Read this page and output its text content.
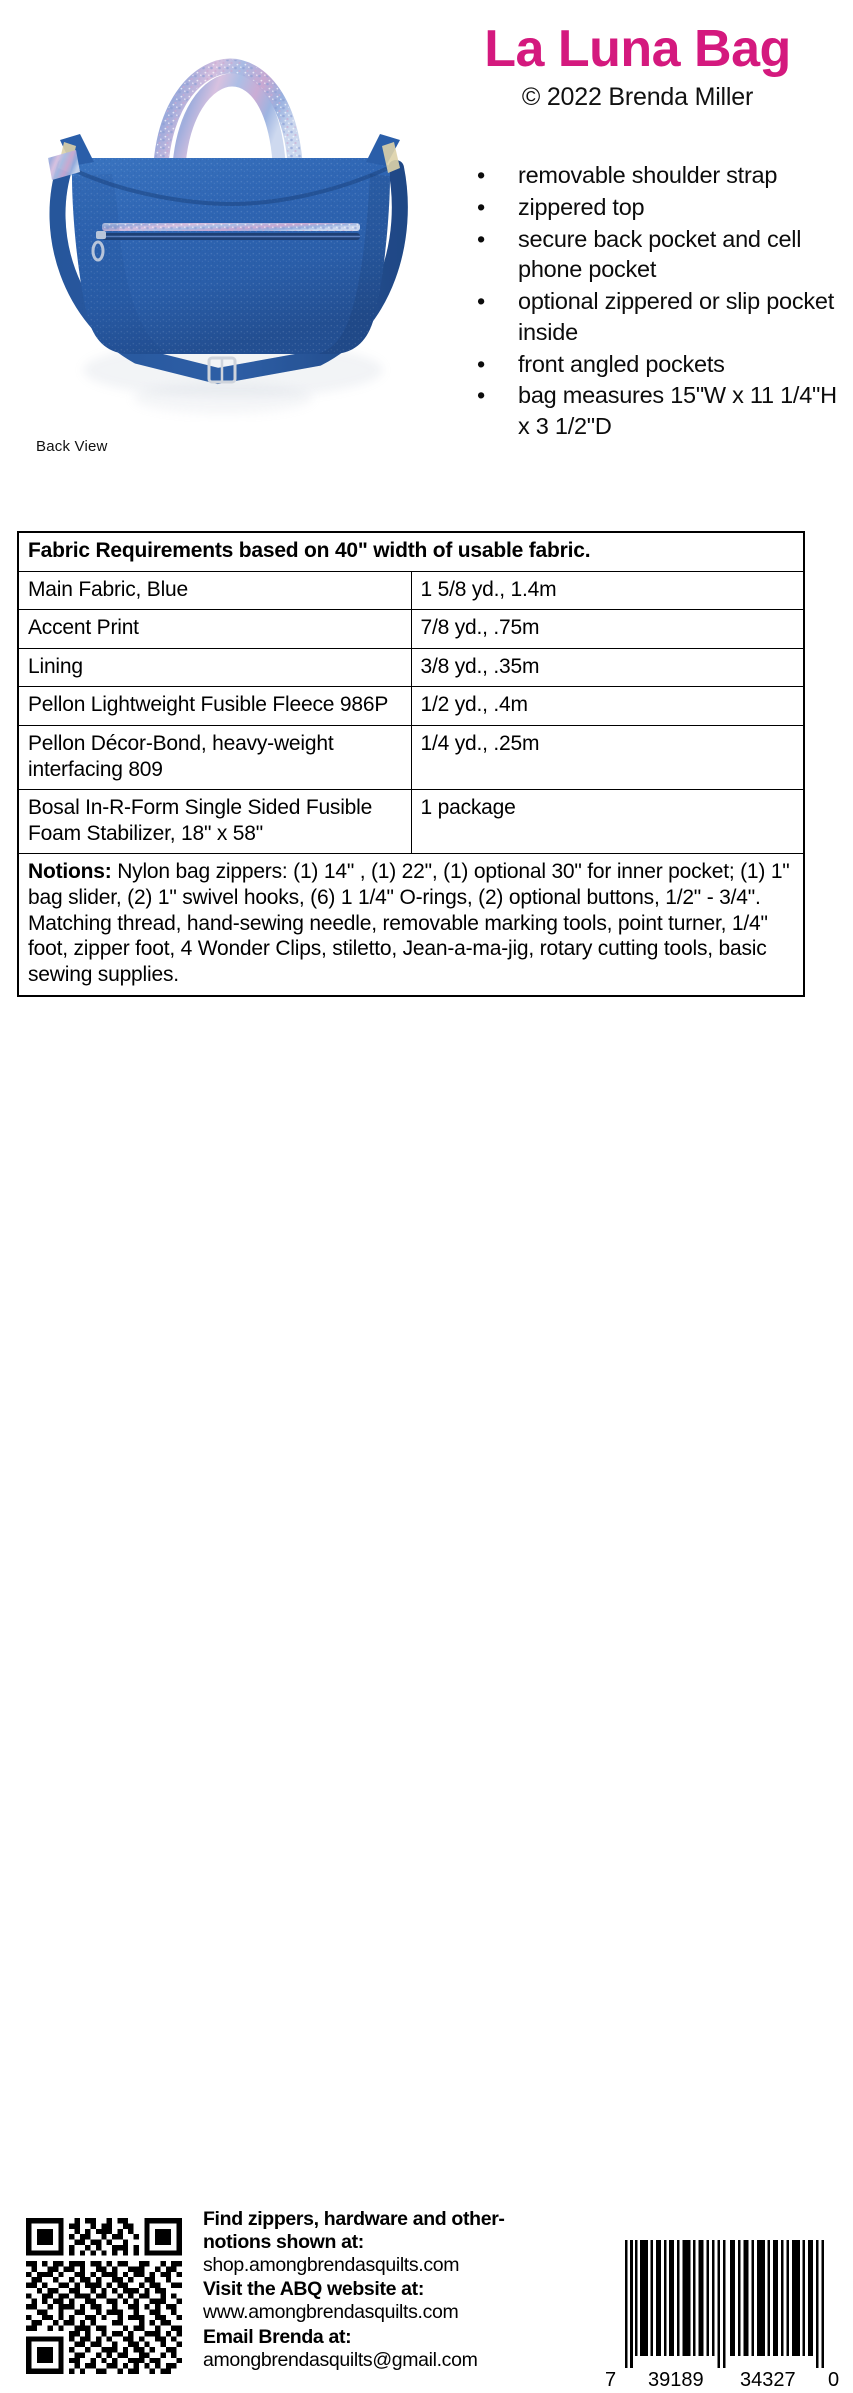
Back View
La Luna Bag
© 2022 Brenda Miller
• removable shoulder strap
• zippered top
• secure back pocket and cell phone pocket
• optional zippered or slip pocket inside
• front angled pockets
• bag measures 15"W x 11 1/4"H x 3 1/2"D
Fabric Requirements based on 40" width of usable fabric.	
Main Fabric, Blue	1 5/8 yd., 1.4m
Accent Print	7/8 yd., .75m
Lining	3/8 yd., .35m
Pellon Lightweight Fusible Fleece 986P	1/2 yd., .4m
Pellon Décor-Bond, heavy-weight interfacing 809	1/4 yd., .25m
Bosal In-R-Form Single Sided Fusible Foam Stabilizer, 18" x 58"	1 package
Notions: Nylon bag zippers: (1) 14" , (1) 22", (1) optional 30" for inner pocket; (1) 1" bag slider, (2) 1" swivel hooks, (6) 1 1/4" O-rings, (2) optional buttons, 1/2" - 3/4". Matching thread, hand-sewing needle, removable marking tools, point turner, 1/4" foot, zipper foot, 4 Wonder Clips, stiletto, Jean-a-ma-jig, rotary cutting tools, basic sewing supplies.	
Find zippers, hardware and other-
notions shown at:
shop.amongbrendasquilts.com
Visit the ABQ website at:
www.amongbrendasquilts.com
Email Brenda at:
amongbrendasquilts@gmail.com
7 39189 34327 0
